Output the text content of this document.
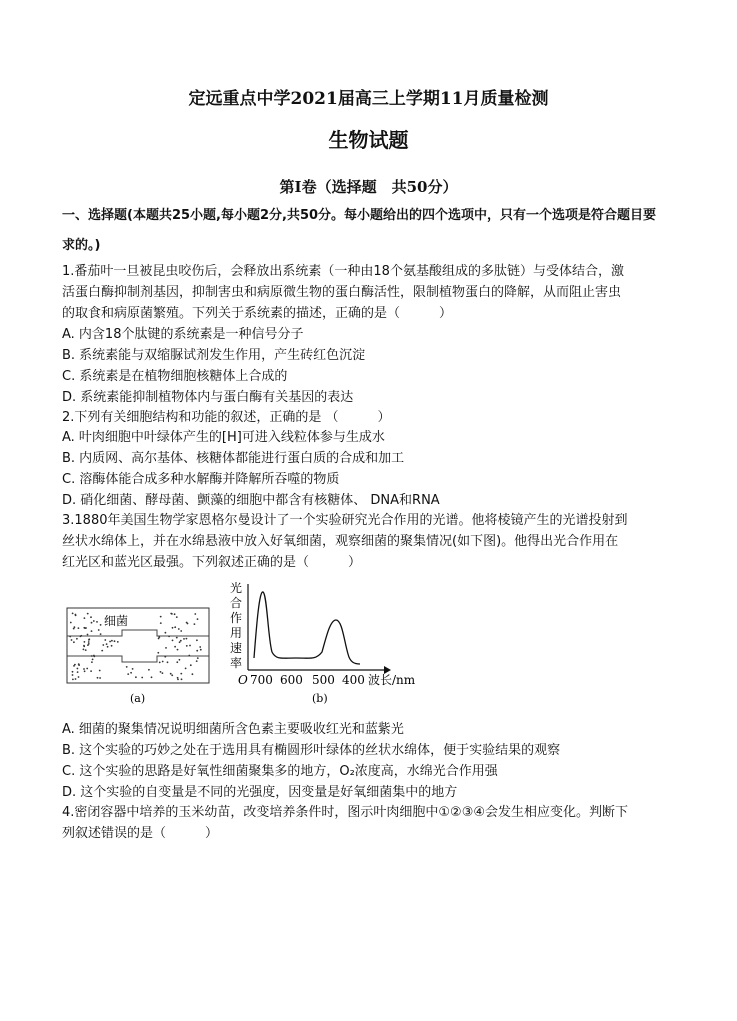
定远重点中学2021届高三上学期11月质量检测
生物试题
第Ⅰ卷（选择题　共50分）
一、选择题(本题共25小题,每小题2分,共50分。每小题给出的四个选项中，只有一个选项是符合题目要
求的。)
1.番茄叶一旦被昆虫咬伤后，会释放出系统素（一种由18个氨基酸组成的多肽链）与受体结合，激
活蛋白酶抑制剂基因，抑制害虫和病原微生物的蛋白酶活性，限制植物蛋白的降解，从而阻止害虫
的取食和病原菌繁殖。下列关于系统素的描述，正确的是（　　　）
A. 内含18个肽键的系统素是一种信号分子
B. 系统素能与双缩脲试剂发生作用，产生砖红色沉淀
C. 系统素是在植物细胞核糖体上合成的
D. 系统素能抑制植物体内与蛋白酶有关基因的表达
2.下列有关细胞结构和功能的叙述，正确的是 （　　　）
A. 叶肉细胞中叶绿体产生的[H]可进入线粒体参与生成水
B. 内质网、高尔基体、核糖体都能进行蛋白质的合成和加工
C. 溶酶体能合成多种水解酶并降解所吞噬的物质
D. 硝化细菌、酵母菌、颤藻的细胞中都含有核糖体、 DNA和RNA
3.1880年美国生物学家恩格尔曼设计了一个实验研究光合作用的光谱。他将棱镜产生的光谱投射到
丝状水绵体上，并在水绵悬液中放入好氧细菌，观察细菌的聚集情况(如下图)。他得出光合作用在
红光区和蓝光区最强。下列叙述正确的是（　　　）
细菌
(a)
光
合
作
用
速
率
O 700 600 500 400 波长/nm
(b)
A. 细菌的聚集情况说明细菌所含色素主要吸收红光和蓝紫光
B. 这个实验的巧妙之处在于选用具有椭圆形叶绿体的丝状水绵体，便于实验结果的观察
C. 这个实验的思路是好氧性细菌聚集多的地方，O₂浓度高，水绵光合作用强
D. 这个实验的自变量是不同的光强度，因变量是好氧细菌集中的地方
4.密闭容器中培养的玉米幼苗，改变培养条件时，图示叶肉细胞中①②③④会发生相应变化。判断下
列叙述错误的是（　　　）
